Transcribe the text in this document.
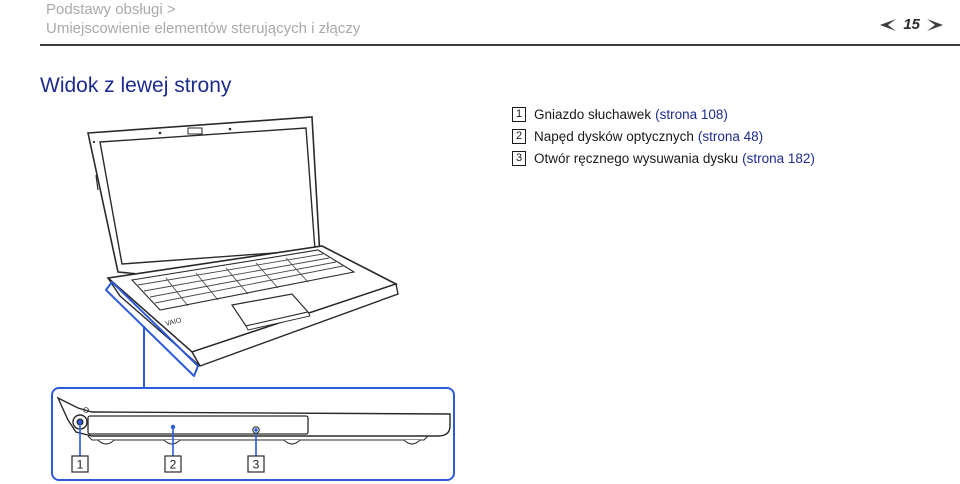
Podstawy obsługi >
Umiejscowienie elementów sterujących i złączy	15
Widok z lewej strony
1 Gniazdo słuchawek (strona 108)
2 Napęd dysków optycznych (strona 48)
3 Otwór ręcznego wysuwania dysku (strona 182)
VAIO
1	2	3
